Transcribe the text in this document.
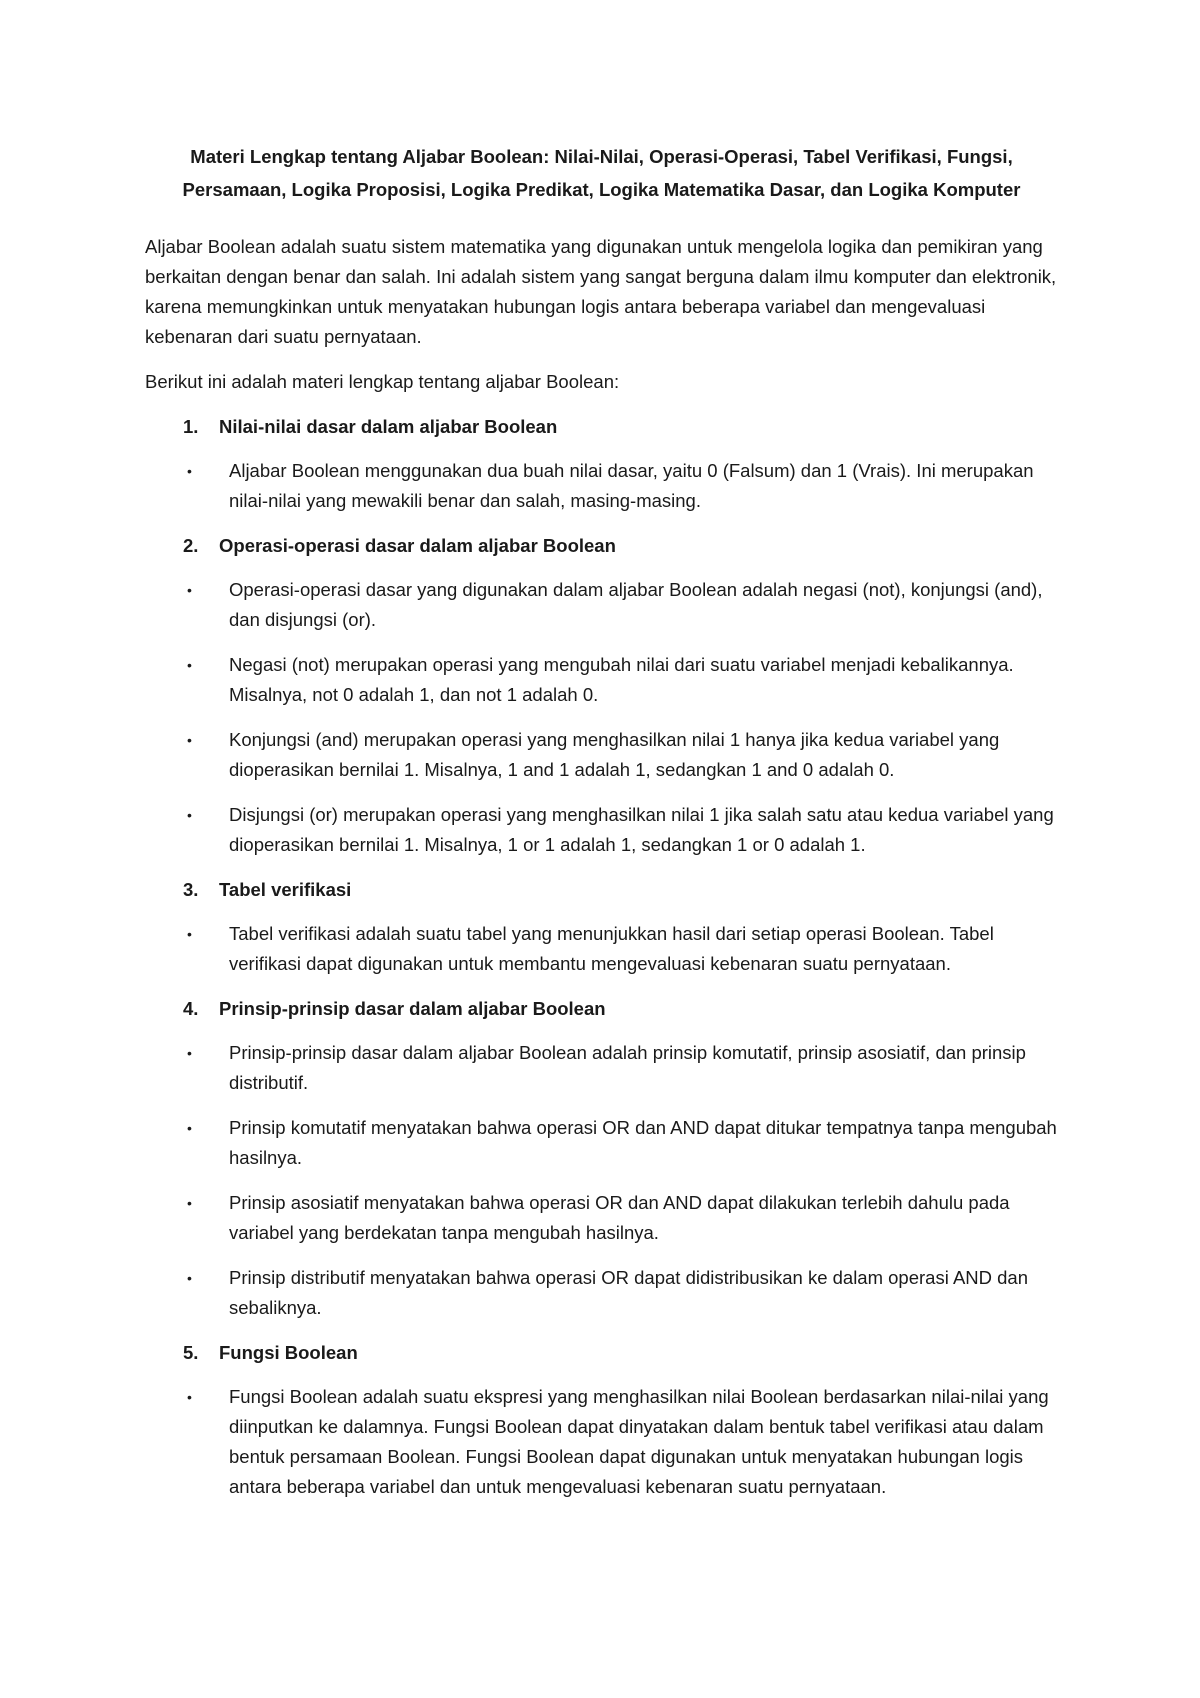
Materi Lengkap tentang Aljabar Boolean: Nilai-Nilai, Operasi-Operasi, Tabel Verifikasi, Fungsi,
Persamaan, Logika Proposisi, Logika Predikat, Logika Matematika Dasar, dan Logika Komputer

Aljabar Boolean adalah suatu sistem matematika yang digunakan untuk mengelola logika dan pemikiran yang berkaitan dengan benar dan salah. Ini adalah sistem yang sangat berguna dalam ilmu komputer dan elektronik, karena memungkinkan untuk menyatakan hubungan logis antara beberapa variabel dan mengevaluasi kebenaran dari suatu pernyataan.

Berikut ini adalah materi lengkap tentang aljabar Boolean:

1.	Nilai-nilai dasar dalam aljabar Boolean
•	Aljabar Boolean menggunakan dua buah nilai dasar, yaitu 0 (Falsum) dan 1 (Vrais). Ini merupakan nilai-nilai yang mewakili benar dan salah, masing-masing.
2.	Operasi-operasi dasar dalam aljabar Boolean
•	Operasi-operasi dasar yang digunakan dalam aljabar Boolean adalah negasi (not), konjungsi (and), dan disjungsi (or).
•	Negasi (not) merupakan operasi yang mengubah nilai dari suatu variabel menjadi kebalikannya. Misalnya, not 0 adalah 1, dan not 1 adalah 0.
•	Konjungsi (and) merupakan operasi yang menghasilkan nilai 1 hanya jika kedua variabel yang dioperasikan bernilai 1. Misalnya, 1 and 1 adalah 1, sedangkan 1 and 0 adalah 0.
•	Disjungsi (or) merupakan operasi yang menghasilkan nilai 1 jika salah satu atau kedua variabel yang dioperasikan bernilai 1. Misalnya, 1 or 1 adalah 1, sedangkan 1 or 0 adalah 1.
3.	Tabel verifikasi
•	Tabel verifikasi adalah suatu tabel yang menunjukkan hasil dari setiap operasi Boolean. Tabel verifikasi dapat digunakan untuk membantu mengevaluasi kebenaran suatu pernyataan.
4.	Prinsip-prinsip dasar dalam aljabar Boolean
•	Prinsip-prinsip dasar dalam aljabar Boolean adalah prinsip komutatif, prinsip asosiatif, dan prinsip distributif.
•	Prinsip komutatif menyatakan bahwa operasi OR dan AND dapat ditukar tempatnya tanpa mengubah hasilnya.
•	Prinsip asosiatif menyatakan bahwa operasi OR dan AND dapat dilakukan terlebih dahulu pada variabel yang berdekatan tanpa mengubah hasilnya.
•	Prinsip distributif menyatakan bahwa operasi OR dapat didistribusikan ke dalam operasi AND dan sebaliknya.
5.	Fungsi Boolean
•	Fungsi Boolean adalah suatu ekspresi yang menghasilkan nilai Boolean berdasarkan nilai-nilai yang diinputkan ke dalamnya. Fungsi Boolean dapat dinyatakan dalam bentuk tabel verifikasi atau dalam bentuk persamaan Boolean. Fungsi Boolean dapat digunakan untuk menyatakan hubungan logis antara beberapa variabel dan untuk mengevaluasi kebenaran suatu pernyataan.
